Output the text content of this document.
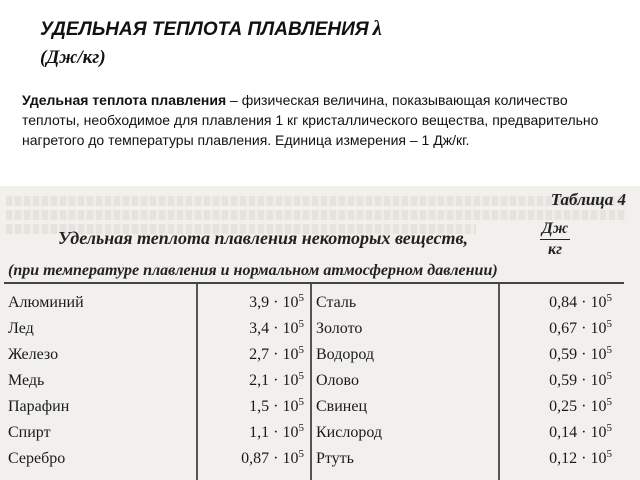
УДЕЛЬНАЯ ТЕПЛОТА ПЛАВЛЕНИЯ λ
(Дж/кг)
Удельная теплота плавления – физическая величина, показывающая количество теплоты, необходимое для плавления 1 кг кристаллического вещества, предварительно нагретого до температуры плавления. Единица измерения – 1 Дж/кг.
Таблица 4
Удельная теплота плавления некоторых веществ,	Дж
кг
(при температуре плавления и нормальном атмосферном давлении)
Алюминий
Лед
Железо
Медь
Парафин
Спирт
Серебро
$3,9 \cdot 10^5$
$3,4 \cdot 10^5$
$2,7 \cdot 10^5$
$2,1 \cdot 10^5$
$1,5 \cdot 10^5$
$1,1 \cdot 10^5$
$0,87 \cdot 10^5$
Сталь
Золото
Водород
Олово
Свинец
Кислород
Ртуть
$0,84 \cdot 10^5$
$0,67 \cdot 10^5$
$0,59 \cdot 10^5$
$0,59 \cdot 10^5$
$0,25 \cdot 10^5$
$0,14 \cdot 10^5$
$0,12 \cdot 10^5$
